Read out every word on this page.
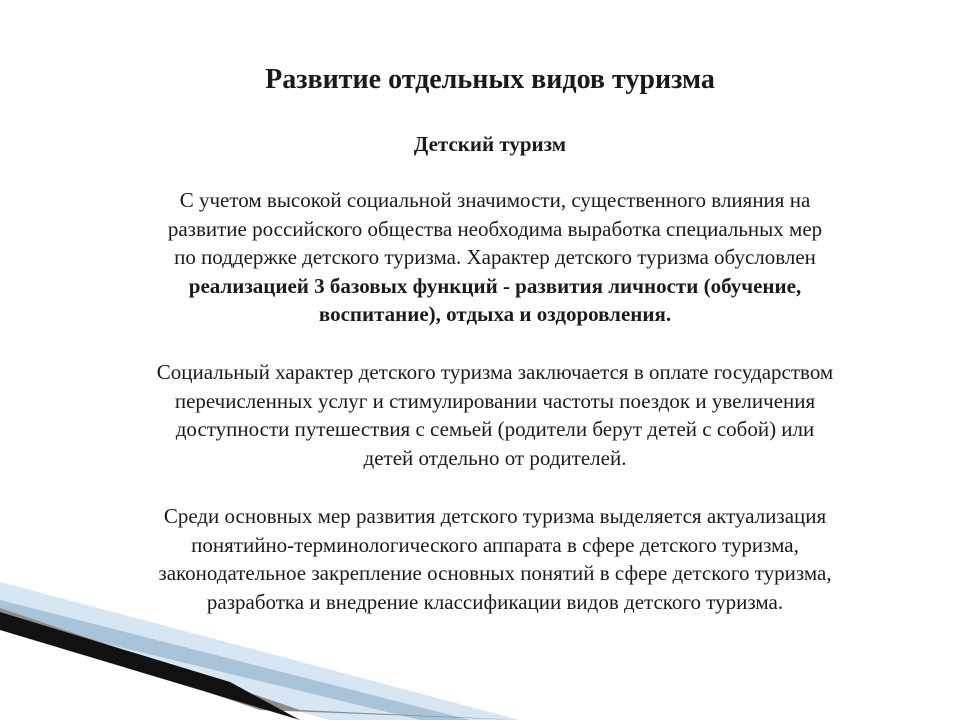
Развитие отдельных видов туризма
Детский туризм
С учетом высокой социальной значимости, существенного влияния на
развитие российского общества необходима выработка специальных мер
по поддержке детского туризма. Характер детского туризма обусловлен
реализацией 3 базовых функций - развития личности (обучение,
воспитание), отдыха и оздоровления.
Социальный характер детского туризма заключается в оплате государством
перечисленных услуг и стимулировании частоты поездок и увеличения
доступности путешествия с семьей (родители берут детей с собой) или
детей отдельно от родителей.
Среди основных мер развития детского туризма выделяется актуализация
понятийно-терминологического аппарата в сфере детского туризма,
законодательное закрепление основных понятий в сфере детского туризма,
разработка и внедрение классификации видов детского туризма.
